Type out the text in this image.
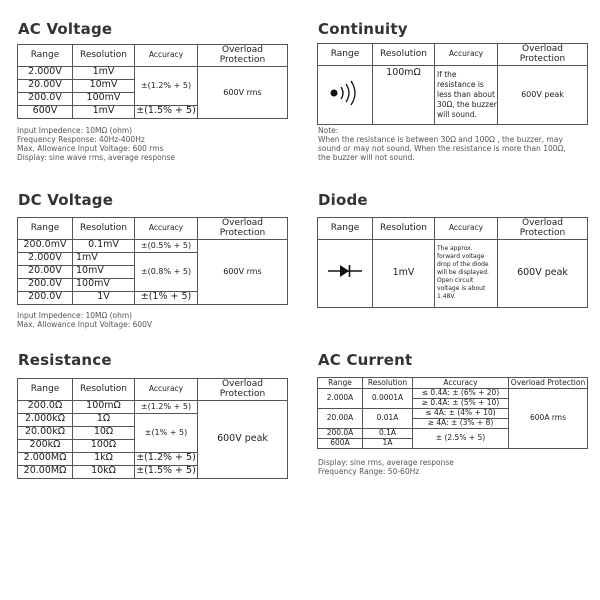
AC Voltage
Range	Resolution	Accuracy	Overload Protection
2.000V	1mV	±(1.2% + 5)	600V rms
20.00V	10mV		
200.0V	100mV		
600V	1mV	±(1.5% + 5)	
Input Impedence: 10MΩ (ohm)
Frequency Response: 40Hz-400Hz
Max. Allowance Input Voltage: 600 rms
Display: sine wave rms, average response
Continuity
Range	Resolution	Accuracy	Overload Protection
	100mΩ	If the resistance is less than about 30Ω, the buzzer will sound.	600V peak
Note:
When the resistance is between 30Ω and 100Ω , the buzzer, may
sound or may not sound. When the resistance is more than 100Ω,
the buzzer will not sound.
DC Voltage
Range	Resolution	Accuracy	Overload Protection
200.0mV	0.1mV	±(0.5% + 5)	600V rms
2.000V	1mV	±(0.8% + 5)	
20.00V	10mV		
200.0V	100mV		
200.0V	1V	±(1% + 5)	
Input Impedence: 10MΩ (ohm)
Max. Allowance Input Voltage: 600V
Diode
Range	Resolution	Accuracy	Overload Protection
	1mV	The approx. forward voltage drop of the diode will be displayed. Open circuit voltage is about 1.48V.	600V peak
Resistance
Range	Resolution	Accuracy	Overload Protection
200.0Ω	100mΩ	±(1.2% + 5)	600V peak
2.000kΩ	1Ω	±(1% + 5)	
20.00kΩ	10Ω		
200kΩ	100Ω		
2.000MΩ	1kΩ	±(1.2% + 5)	
20.00MΩ	10kΩ	±(1.5% + 5)	
AC Current
Range	Resolution	Accuracy	Overload Protection
2.000A	0.0001A	≤ 0.4A: ± (6% + 20)	600A rms
		≥ 0.4A: ± (5% + 10)	
20.00A	0.01A	≤ 4A: ± (4% + 10)	
		≥ 4A: ± (3% + 8)	
200.0A	0.1A	± (2.5% + 5)	
600A	1A		
Display: sine rms, average response
Frequency Range: 50-60Hz
